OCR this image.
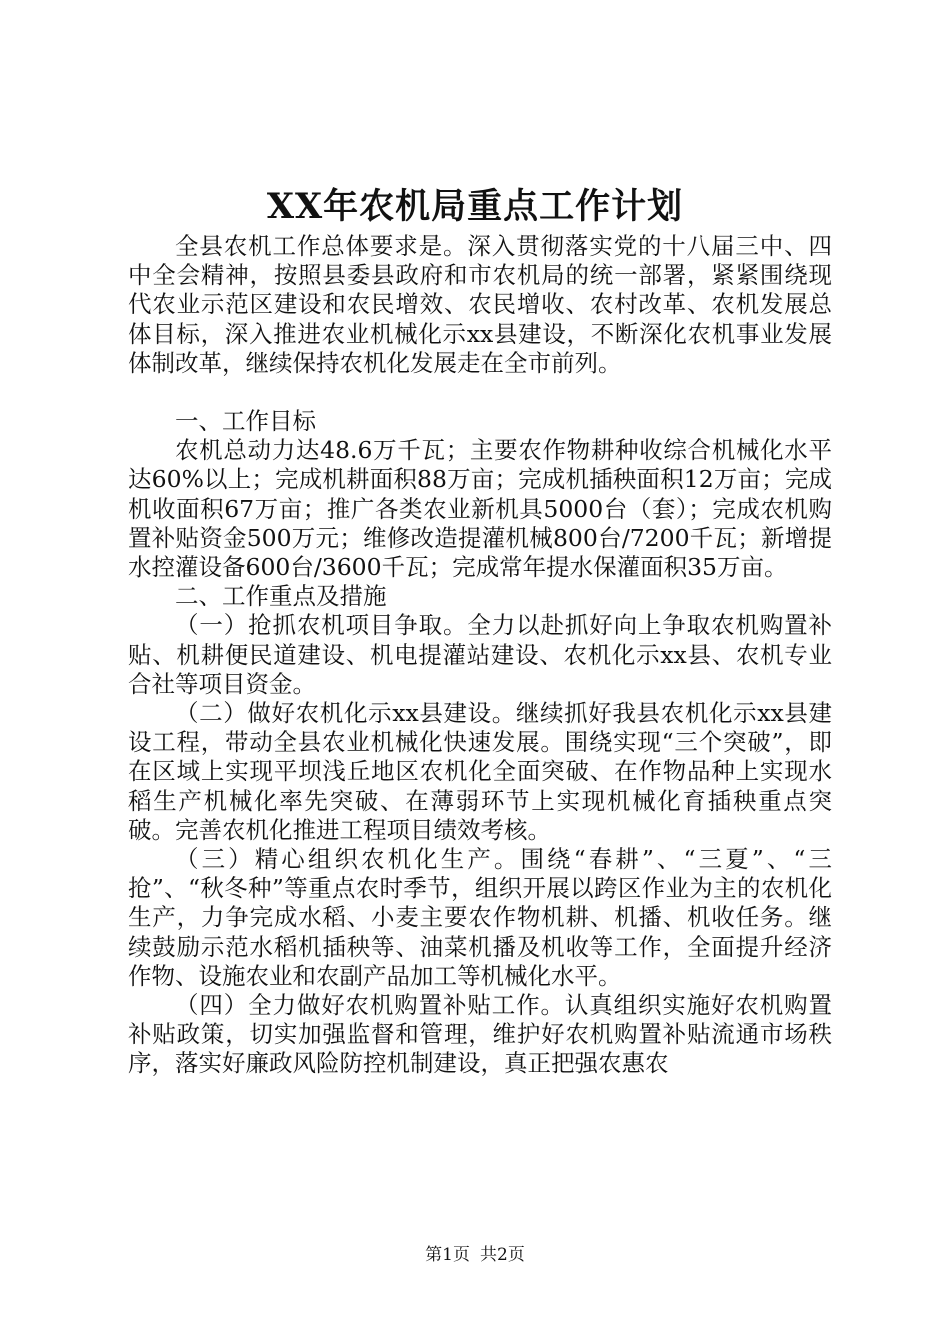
XX年农机局重点工作计划

全县农机工作总体要求是。深入贯彻落实党的十八届三中、四中全会精神，按照县委县政府和市农机局的统一部署，紧紧围绕现代农业示范区建设和农民增效、农民增收、农村改革、农机发展总体目标，深入推进农业机械化示xx县建设，不断深化农机事业发展体制改革，继续保持农机化发展走在全市前列。

一、工作目标

农机总动力达48.6万千瓦；主要农作物耕种收综合机械化水平达60%以上；完成机耕面积88万亩；完成机插秧面积12万亩；完成机收面积67万亩；推广各类农业新机具5000台（套）；完成农机购置补贴资金500万元；维修改造提灌机械800台/7200千瓦；新增提水控灌设备600台/3600千瓦；完成常年提水保灌面积35万亩。

二、工作重点及措施

（一）抢抓农机项目争取。全力以赴抓好向上争取农机购置补贴、机耕便民道建设、机电提灌站建设、农机化示xx县、农机专业合社等项目资金。

（二）做好农机化示xx县建设。继续抓好我县农机化示xx县建设工程，带动全县农业机械化快速发展。围绕实现“三个突破”，即在区域上实现平坝浅丘地区农机化全面突破、在作物品种上实现水稻生产机械化率先突破、在薄弱环节上实现机械化育插秧重点突破。完善农机化推进工程项目绩效考核。

（三）精心组织农机化生产。围绕“春耕”、“三夏”、“三抢”、“秋冬种”等重点农时季节，组织开展以跨区作业为主的农机化生产，力争完成水稻、小麦主要农作物机耕、机播、机收任务。继续鼓励示范水稻机插秧等、油菜机播及机收等工作，全面提升经济作物、设施农业和农副产品加工等机械化水平。

（四）全力做好农机购置补贴工作。认真组织实施好农机购置补贴政策，切实加强监督和管理，维护好农机购置补贴流通市场秩序，落实好廉政风险防控机制建设，真正把强农惠农

第1页 共2页
